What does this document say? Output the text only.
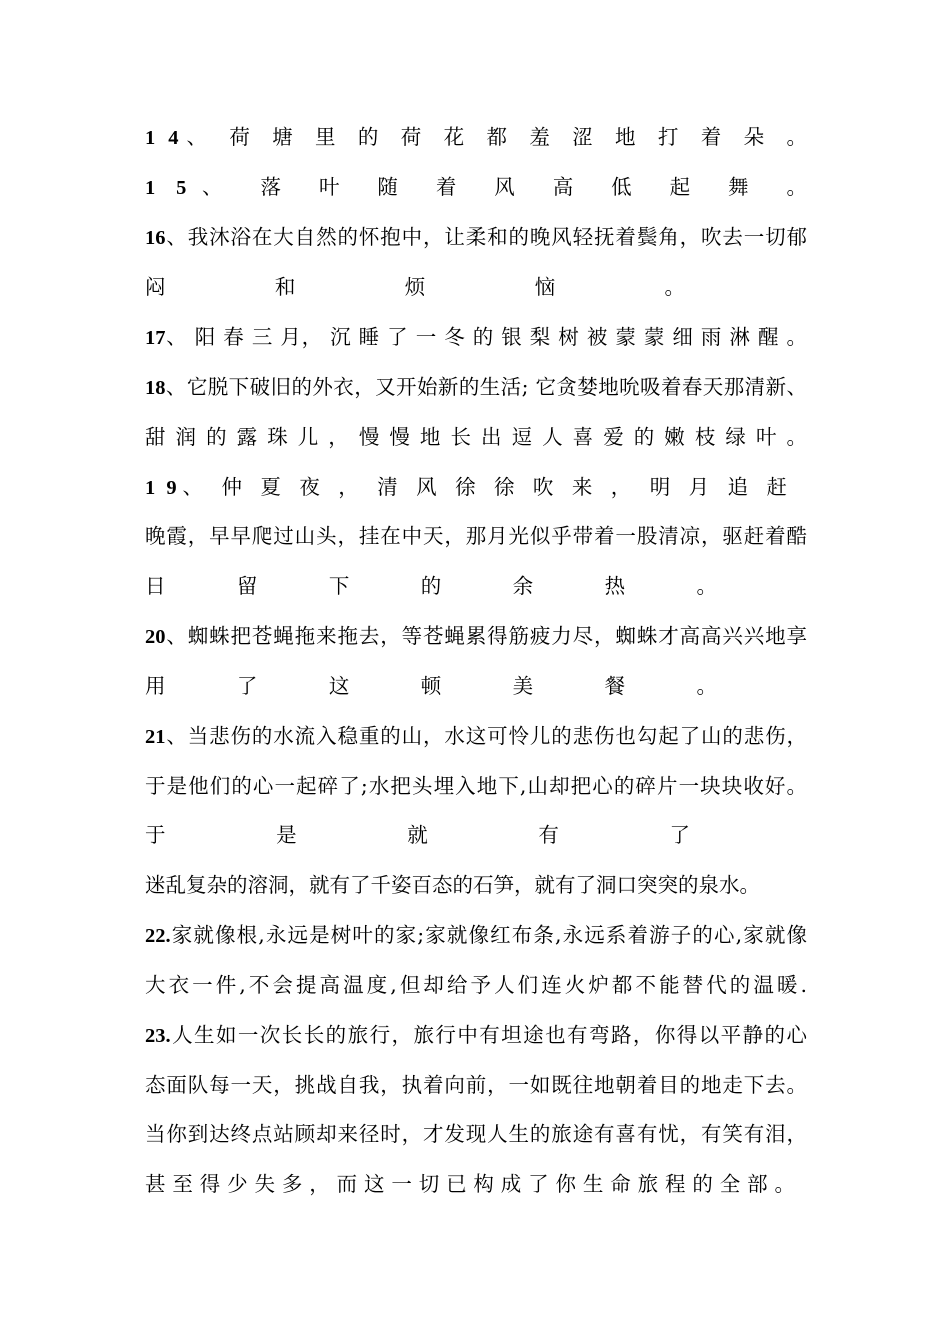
1 4、 荷 塘 里 的 荷 花 都 羞 涩 地 打 着 朵 。
1 5、 落 叶 随 着 风 高 低 起 舞 。
16、我沐浴在大自然的怀抱中，让柔和的晚风轻抚着鬓角，吹去一切郁
闷 和 烦 恼 。
17、 阳 春 三 月， 沉 睡 了 一 冬 的 银 梨 树 被 蒙 蒙 细 雨 淋 醒 。
18、它脱下破旧的外衣，又开始新的生活; 它贪婪地吮吸着春天那清新、
甜 润 的 露 珠 儿 ， 慢 慢 地 长 出 逗 人 喜 爱 的 嫩 枝 绿 叶 。
1 9、 仲 夏 夜 ， 清 风 徐 徐 吹 来 ， 明 月 追 赶
晚霞，早早爬过山头，挂在中天，那月光似乎带着一股清凉，驱赶着酷
日 留 下 的 余 热 。
20、蜘蛛把苍蝇拖来拖去，等苍蝇累得筋疲力尽，蜘蛛才高高兴兴地享
用 了 这 顿 美 餐 。
21、当悲伤的水流入稳重的山，水这可怜儿的悲伤也勾起了山的悲伤，
于是他们的心一起碎了;水把头埋入地下,山却把心的碎片一块块收好。
于 是 就 有 了
迷乱复杂的溶洞，就有了千姿百态的石笋，就有了洞口突突的泉水。
22.家就像根,永远是树叶的家;家就像红布条,永远系着游子的心,家就像
大衣一件,不会提高温度,但却给予人们连火炉都不能替代的温暖.
23.人生如一次长长的旅行，旅行中有坦途也有弯路，你得以平静的心
态面队每一天，挑战自我，执着向前，一如既往地朝着目的地走下去。
当你到达终点站顾却来径时，才发现人生的旅途有喜有忧，有笑有泪，
甚 至 得 少 失 多 ， 而 这 一 切 已 构 成 了 你 生 命 旅 程 的 全 部 。
